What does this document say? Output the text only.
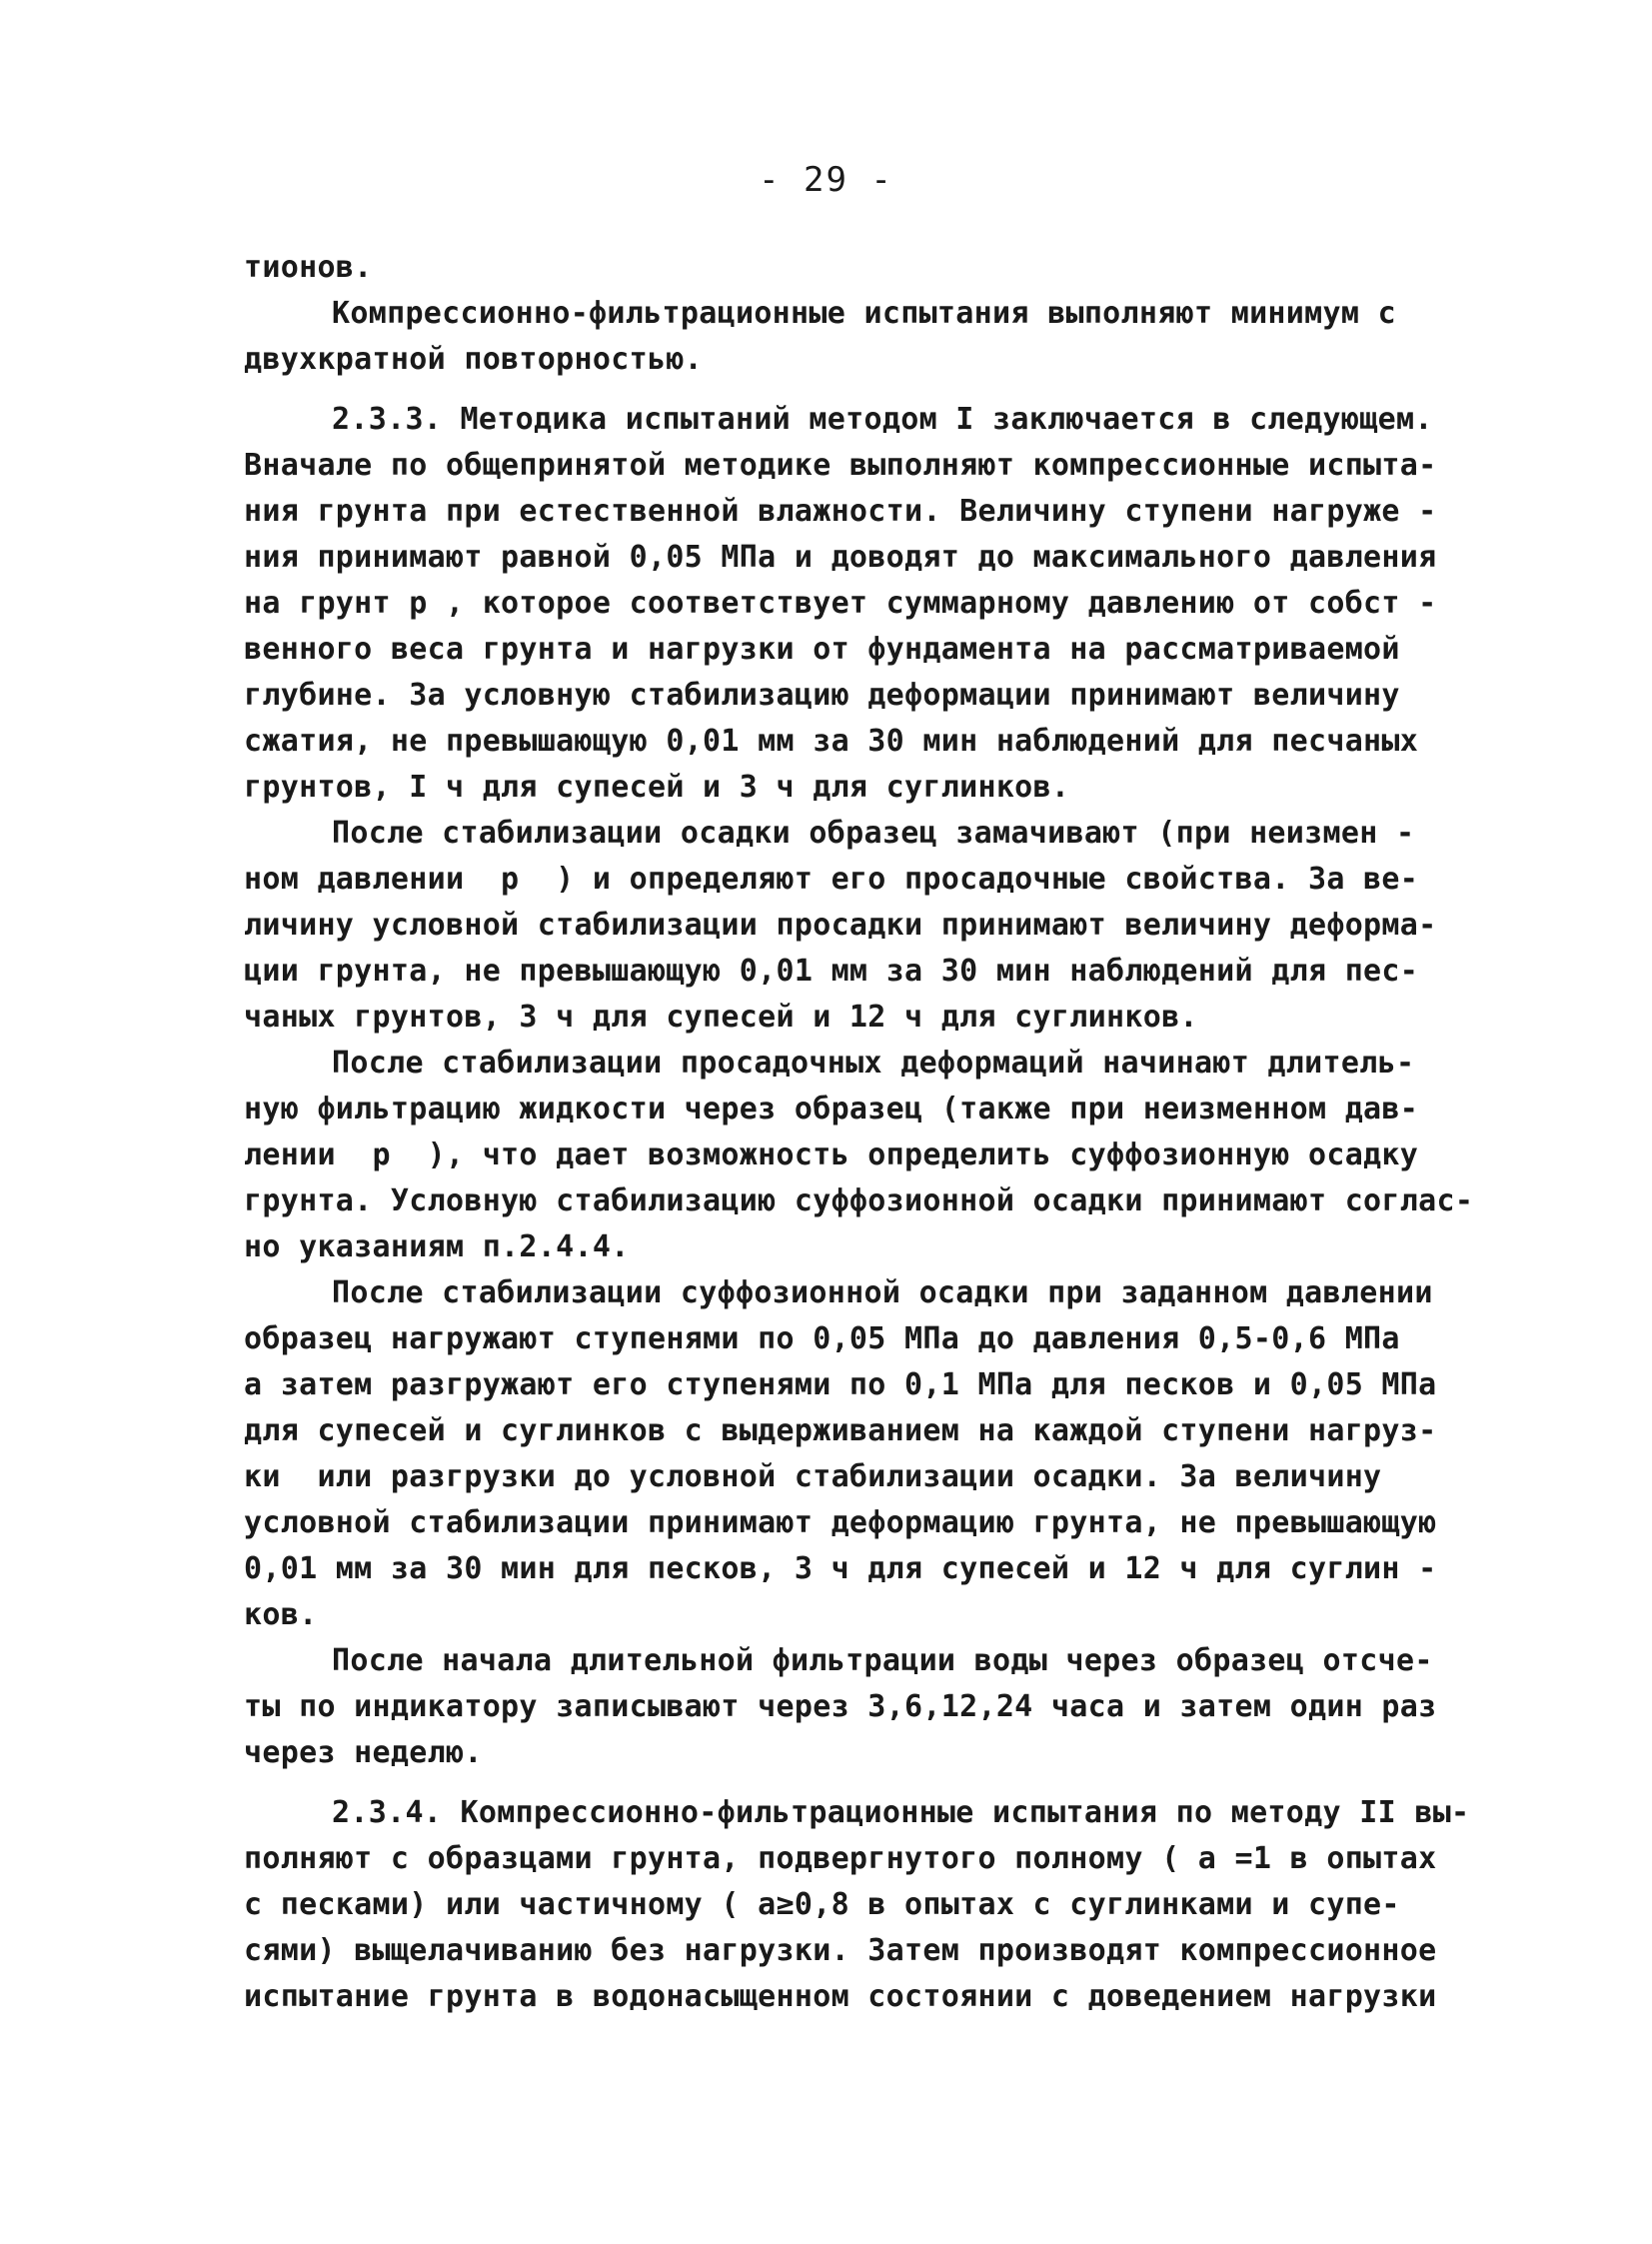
- 29 -
тионов.
Компрессионно-фильтрационные испытания выполняют минимум с
двухкратной повторностью.
2.3.3. Методика испытаний методом I заключается в следующем.
Вначале по общепринятой методике выполняют компрессионные испыта-
ния грунта при естественной влажности. Величину ступени нагруже -
ния принимают равной 0,05 МПа и доводят до максимального давления
на грунт р , которое соответствует суммарному давлению от собст -
венного веса грунта и нагрузки от фундамента на рассматриваемой
глубине. За условную стабилизацию деформации принимают величину
сжатия, не превышающую 0,01 мм за 30 мин наблюдений для песчаных
грунтов, I ч для супесей и 3 ч для суглинков.
После стабилизации осадки образец замачивают (при неизмен -
ном давлении  р  ) и определяют его просадочные свойства. За ве-
личину условной стабилизации просадки принимают величину деформа-
ции грунта, не превышающую 0,01 мм за 30 мин наблюдений для пес-
чаных грунтов, 3 ч для супесей и 12 ч для суглинков.
После стабилизации просадочных деформаций начинают длитель-
ную фильтрацию жидкости через образец (также при неизменном дав-
лении  р  ), что дает возможность определить суффозионную осадку
грунта. Условную стабилизацию суффозионной осадки принимают соглас-
но указаниям п.2.4.4.
После стабилизации суффозионной осадки при заданном давлении
образец нагружают ступенями по 0,05 МПа до давления 0,5-0,6 МПа
а затем разгружают его ступенями по 0,1 МПа для песков и 0,05 МПа
для супесей и суглинков с выдерживанием на каждой ступени нагруз-
ки  или разгрузки до условной стабилизации осадки. За величину
условной стабилизации принимают деформацию грунта, не превышающую
0,01 мм за 30 мин для песков, 3 ч для супесей и 12 ч для суглин -
ков.
После начала длительной фильтрации воды через образец отсче-
ты по индикатору записывают через 3,6,12,24 часа и затем один раз
через неделю.
2.3.4. Компрессионно-фильтрационные испытания по методу II вы-
полняют с образцами грунта, подвергнутого полному ( a =1 в опытах
с песками) или частичному ( a≥0,8 в опытах с суглинками и супе-
сями) выщелачиванию без нагрузки. Затем производят компрессионное
испытание грунта в водонасыщенном состоянии с доведением нагрузки
